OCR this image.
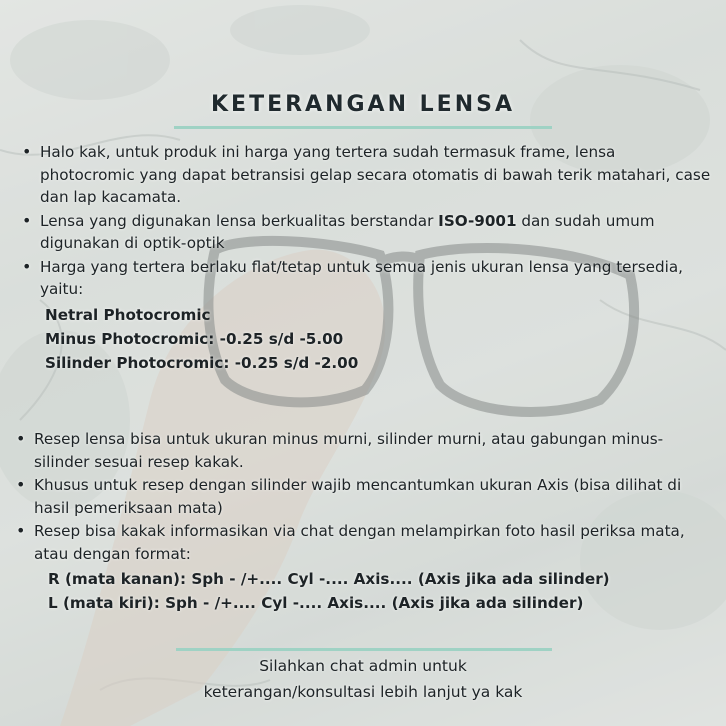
KETERANGAN LENSA
• Halo kak, untuk produk ini harga yang tertera sudah termasuk frame, lensa photocromic yang dapat betransisi gelap secara otomatis di bawah terik matahari, case dan lap kacamata.
• Lensa yang digunakan lensa berkualitas berstandar ISO-9001 dan sudah umum digunakan di optik-optik
• Harga yang tertera berlaku flat/tetap untuk semua jenis ukuran lensa yang tersedia, yaitu:
Netral Photocromic
Minus Photocromic: -0.25 s/d -5.00
Silinder Photocromic: -0.25 s/d -2.00
• Resep lensa bisa untuk ukuran minus murni, silinder murni, atau gabungan minus-silinder sesuai resep kakak.
• Khusus untuk resep dengan silinder wajib mencantumkan ukuran Axis (bisa dilihat di hasil pemeriksaan mata)
• Resep bisa kakak informasikan via chat dengan melampirkan foto hasil periksa mata, atau dengan format:
R (mata kanan): Sph - /+.... Cyl -.... Axis.... (Axis jika ada silinder)
L (mata kiri): Sph - /+.... Cyl -.... Axis.... (Axis jika ada silinder)
Silahkan chat admin untuk
keterangan/konsultasi lebih lanjut ya kak
